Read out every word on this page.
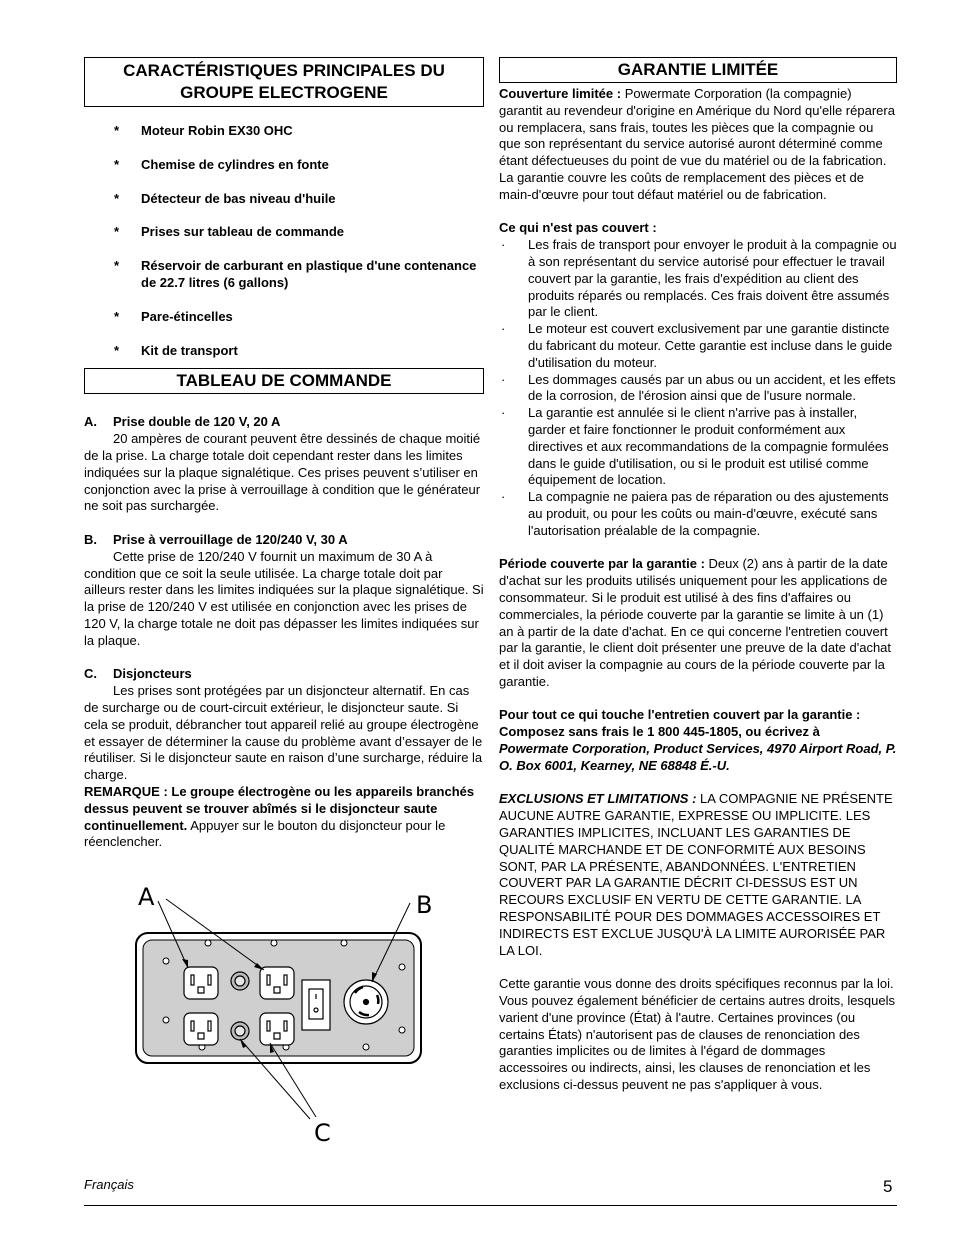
CARACTÉRISTIQUES PRINCIPALES DU GROUPE ELECTROGENE
* Moteur Robin EX30 OHC
* Chemise de cylindres en fonte
* Détecteur de bas niveau d'huile
* Prises sur tableau de commande
* Réservoir de carburant en plastique d'une contenance de 22.7 litres (6 gallons)
* Pare-étincelles
* Kit de transport
TABLEAU DE COMMANDE
A. Prise double de 120 V, 20 A

20 ampères de courant peuvent être dessinés de chaque moitié de la prise. La charge totale doit cependant rester dans les limites indiquées sur la plaque signalétique. Ces prises peuvent s’utiliser en conjonction avec la prise à verrouillage à condition que le générateur ne soit pas surchargée.

B. Prise à verrouillage de 120/240 V, 30 A

Cette prise de 120/240 V fournit un maximum de 30 A à condition que ce soit la seule utilisée. La charge totale doit par ailleurs rester dans les limites indiquées sur la plaque signalétique. Si la prise de 120/240 V est utilisée en conjonction avec les prises de 120 V, la charge totale ne doit pas dépasser les limites indiquées sur la plaque.

C. Disjoncteurs

Les prises sont protégées par un disjoncteur alternatif. En cas de surcharge ou de court-circuit extérieur, le disjoncteur saute. Si cela se produit, débrancher tout appareil relié au groupe électrogène et essayer de déterminer la cause du problème avant d’essayer de le réutiliser. Si le disjoncteur saute en raison d’une surcharge, réduire la charge.
REMARQUE : Le groupe électrogène ou les appareils branchés dessus peuvent se trouver abîmés si le disjoncteur saute continuellement. Appuyer sur le bouton du disjoncteur pour le réenclencher.

A	B
C
GARANTIE LIMITÉE

Couverture limitée : Powermate Corporation (la compagnie) garantit au revendeur d'origine en Amérique du Nord qu'elle réparera ou remplacera, sans frais, toutes les pièces que la compagnie ou que son représentant du service autorisé auront déterminé comme étant défectueuses du point de vue du matériel ou de la fabrication. La garantie couvre les coûts de remplacement des pièces et de main-d'œuvre pour tout défaut matériel ou de fabrication.

Ce qui n'est pas couvert :

· Les frais de transport pour envoyer le produit à la compagnie ou à son représentant du service autorisé pour effectuer le travail couvert par la garantie, les frais d'expédition au client des produits réparés ou remplacés. Ces frais doivent être assumés par le client.
· Le moteur est couvert exclusivement par une garantie distincte du fabricant du moteur. Cette garantie est incluse dans le guide d'utilisation du moteur.
· Les dommages causés par un abus ou un accident, et les effets de la corrosion, de l'érosion ainsi que de l'usure normale.
· La garantie est annulée si le client n'arrive pas à installer, garder et faire fonctionner le produit conformément aux directives et aux recommandations de la compagnie formulées dans le guide d'utilisation, ou si le produit est utilisé comme équipement de location.
· La compagnie ne paiera pas de réparation ou des ajustements au produit, ou pour les coûts ou main-d'œuvre, exécuté sans l'autorisation préalable de la compagnie.

Période couverte par la garantie : Deux (2) ans à partir de la date d'achat sur les produits utilisés uniquement pour les applications de consommateur. Si le produit est utilisé à des fins d'affaires ou commerciales, la période couverte par la garantie se limite à un (1) an à partir de la date d'achat. En ce qui concerne l'entretien couvert par la garantie, le client doit présenter une preuve de la date d'achat et il doit aviser la compagnie au cours de la période couverte par la garantie.

Pour tout ce qui touche l'entretien couvert par la garantie : Composez sans frais le 1 800 445-1805, ou écrivez à
Powermate Corporation, Product Services, 4970 Airport Road, P. O. Box 6001, Kearney, NE 68848 É.-U.

EXCLUSIONS ET LIMITATIONS : LA COMPAGNIE NE PRÉSENTE AUCUNE AUTRE GARANTIE, EXPRESSE OU IMPLICITE. LES GARANTIES IMPLICITES, INCLUANT LES GARANTIES DE QUALITÉ MARCHANDE ET DE CONFORMITÉ AUX BESOINS SONT, PAR LA PRÉSENTE, ABANDONNÉES. L'ENTRETIEN COUVERT PAR LA GARANTIE DÉCRIT CI-DESSUS EST UN RECOURS EXCLUSIF EN VERTU DE CETTE GARANTIE. LA RESPONSABILITÉ POUR DES DOMMAGES ACCESSOIRES ET INDIRECTS EST EXCLUE JUSQU'À LA LIMITE AURORISÉE PAR LA LOI.

Cette garantie vous donne des droits spécifiques reconnus par la loi. Vous pouvez également bénéficier de certains autres droits, lesquels varient d'une province (État) à l'autre. Certaines provinces (ou certains États) n'autorisent pas de clauses de renonciation des garanties implicites ou de limites à l'égard de dommages accessoires ou indirects, ainsi, les clauses de renonciation et les exclusions ci-dessus peuvent ne pas s'appliquer à vous.

Français	5
